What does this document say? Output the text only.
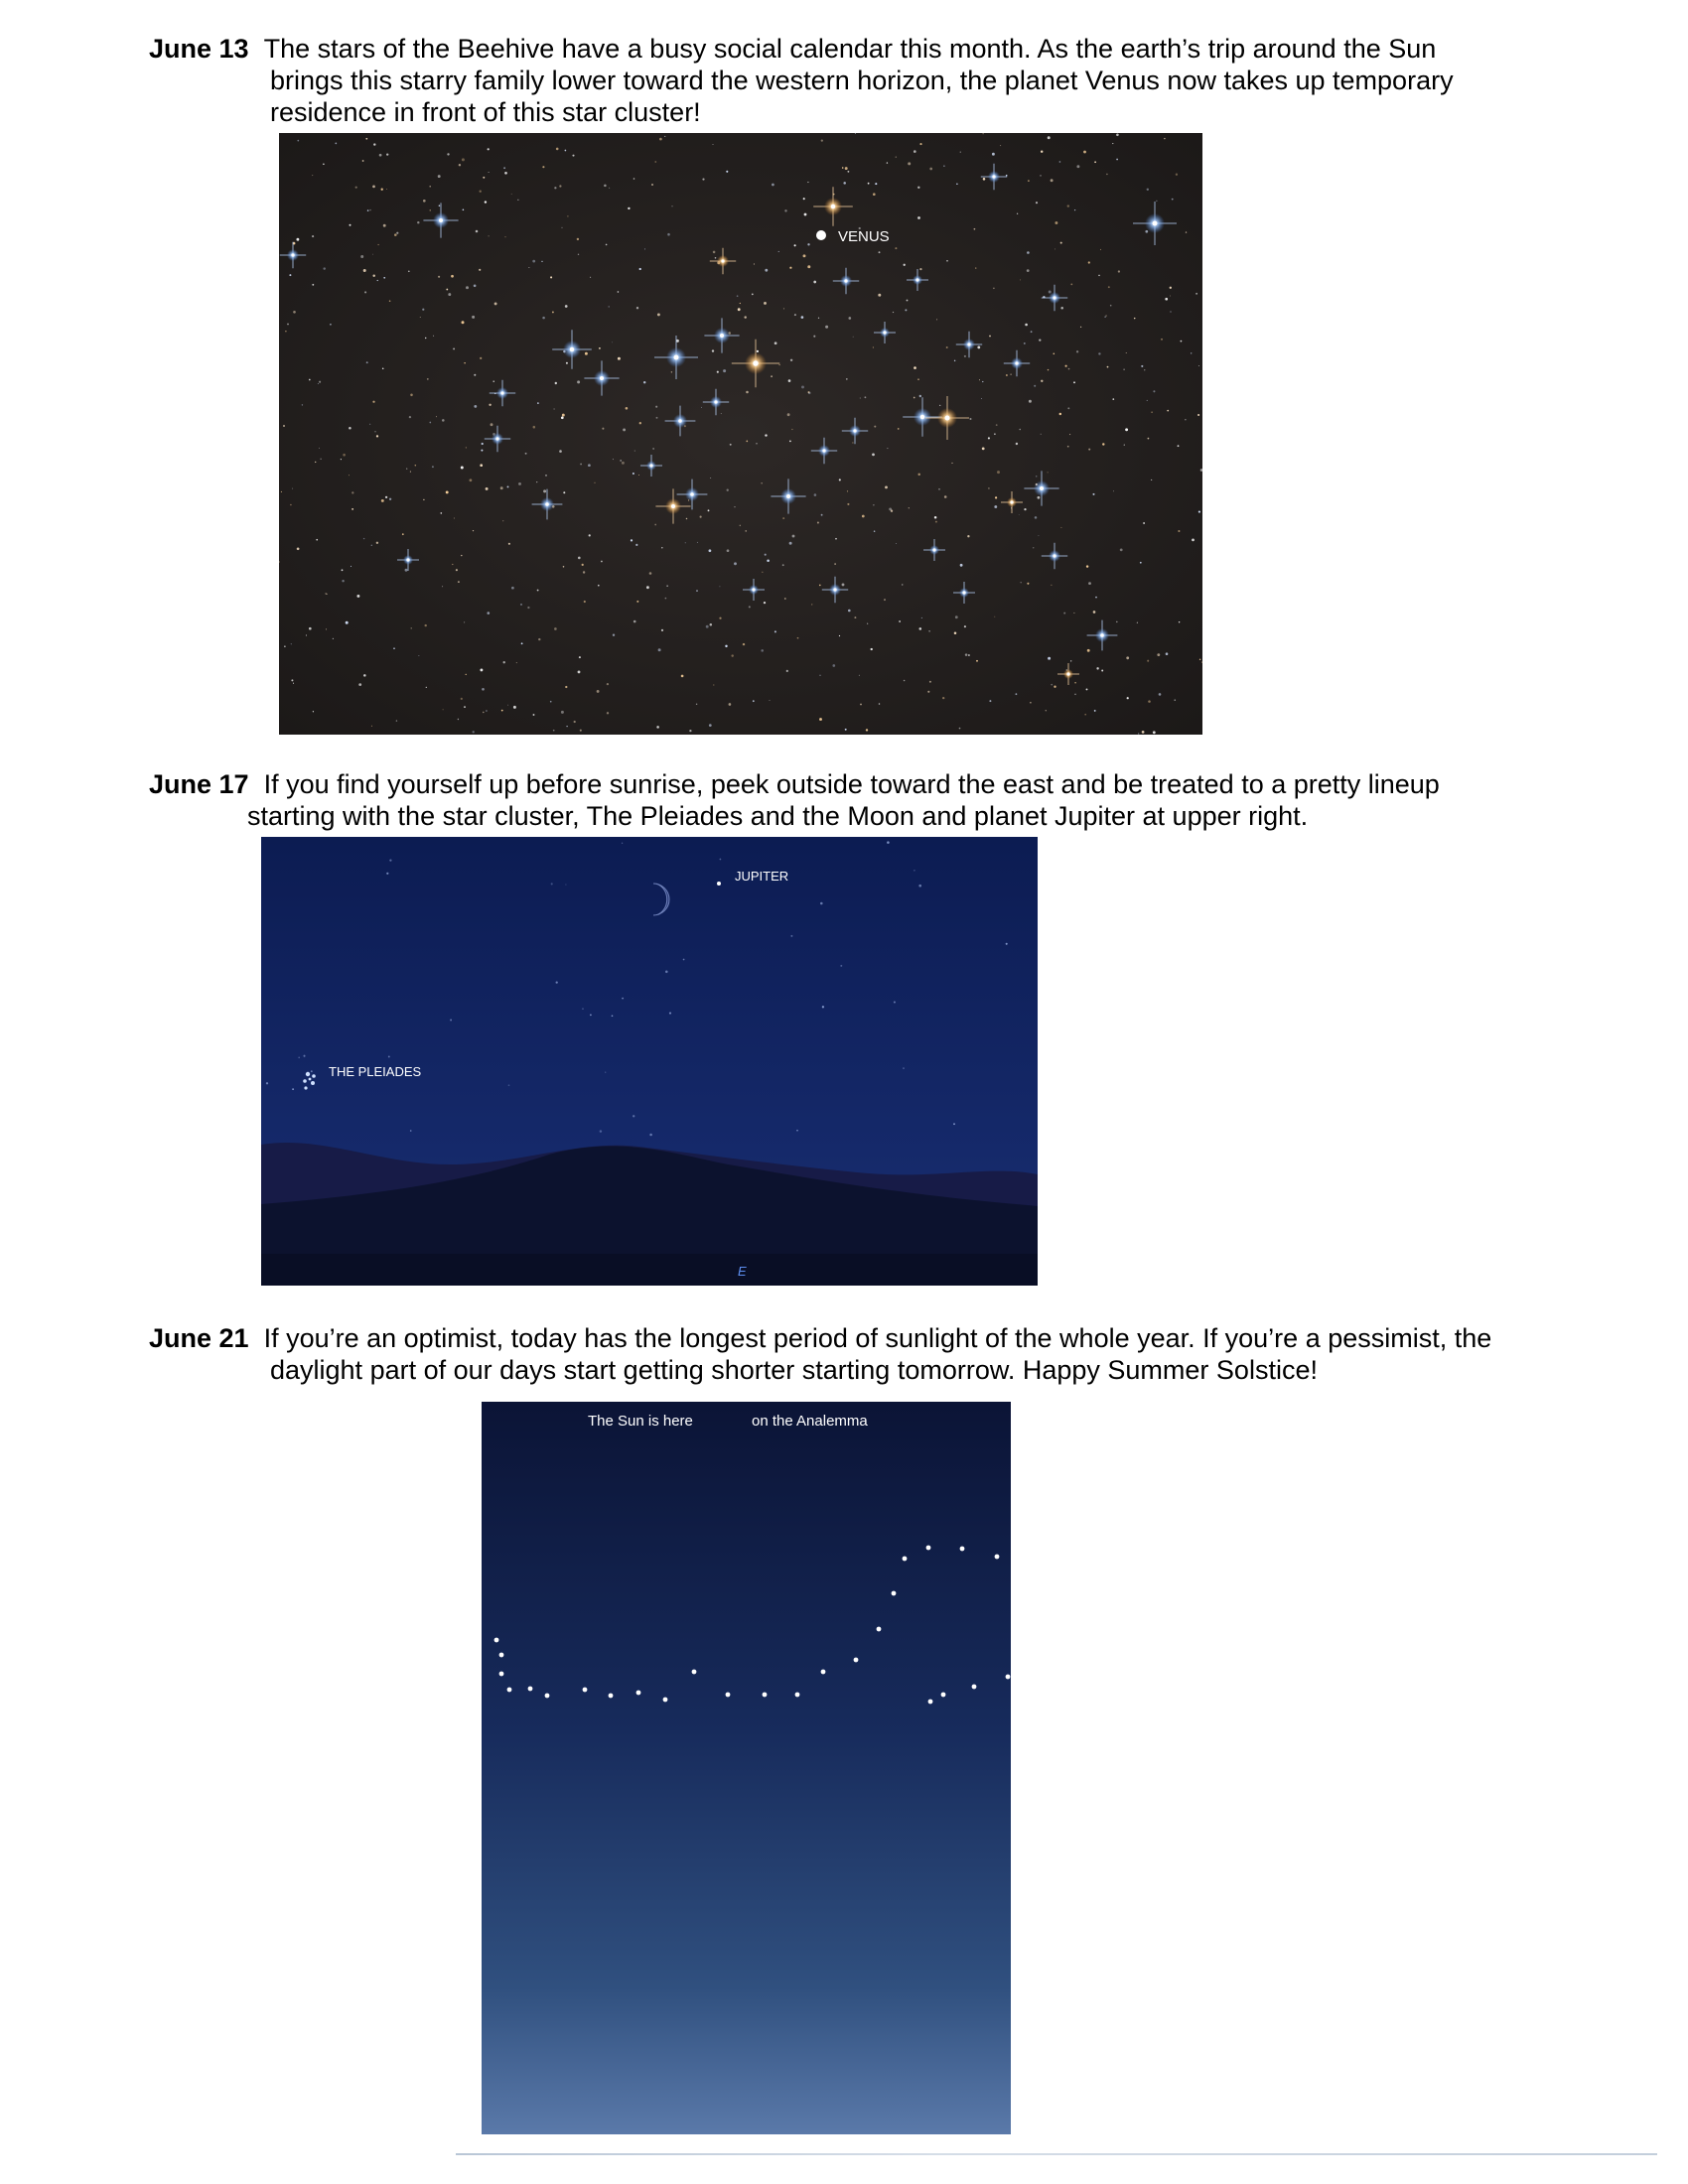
June 13 The stars of the Beehive have a busy social calendar this month. As the earth’s trip around the Sun
brings this starry family lower toward the western horizon, the planet Venus now takes up temporary
residence in front of this star cluster!
VENUS
June 17 If you find yourself up before sunrise, peek outside toward the east and be treated to a pretty lineup
starting with the star cluster, The Pleiades and the Moon and planet Jupiter at upper right.
JUPITER
THE PLEIADES
E
June 21 If you’re an optimist, today has the longest period of sunlight of the whole year. If you’re a pessimist, the
daylight part of our days start getting shorter starting tomorrow. Happy Summer Solstice!
The Sun is here	on the Analemma
